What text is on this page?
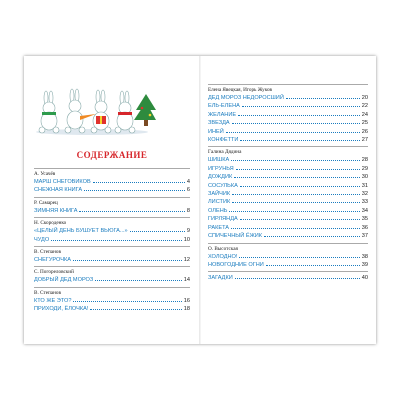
СОДЕРЖАНИЕ
А. Усачёв
МАРШ СНЕГОВИКОВ	4
СНЕЖНАЯ КНИГА	6
Р. Самарец
ЗИМНЯЯ КНИГА	8
Н. Скороденко
«ЦЕЛЫЙ ДЕНЬ БУШУЕТ ВЬЮГА...»	9
ЧУДО	10
В. Степанов
СНЕГУРОЧКА	12
С. Погореловский
ДОБРЫЙ ДЕД МОРОЗ	14
В. Степанов
КТО ЖЕ ЭТО?	16
ПРИХОДИ, ЁЛОЧКА!	18
Елена Явецкая, Игорь Жуков
ДЕД МОРОЗ НЕДОРОСШИЙ	20
ЕЛЬ-ЕЛЕНА	22
ЖЕЛАНИЕ	24
ЗВЕЗДА	25
ИНЕЙ	26
КОНФЕТТИ	27
Галина Дядина
ШИШКА	28
ИГРУНЬЯ	29
ДОЖДИК	30
СОСУЛЬКА	31
ЗАЙЧИК	32
ЛИСТИК	33
ОЛЕНЬ	34
ГИРЛЯНДА	35
РАКЕТА	36
СПИЧЕЧНЫЙ ЁЖИК	37
О. Высотская
ХОЛОДНО!	38
НОВОГОДНИЕ ОГНИ	39
ЗАГАДКИ	40
